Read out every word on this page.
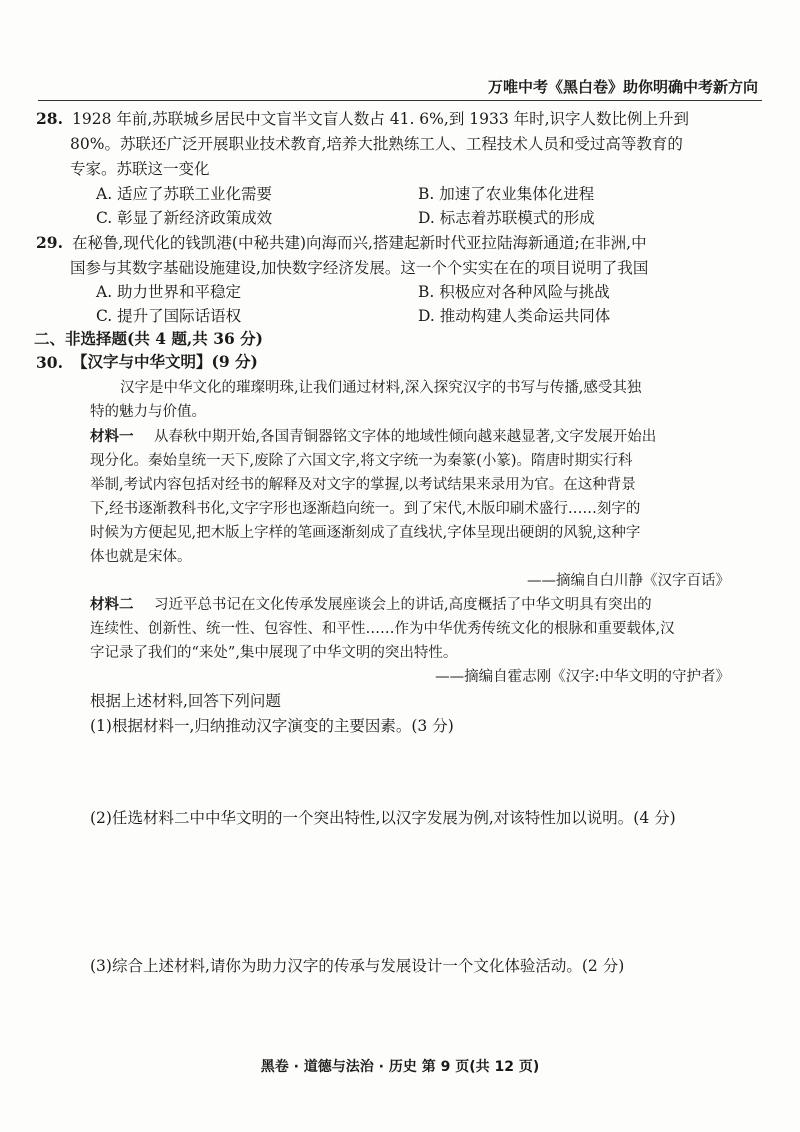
万唯中考《黑白卷》助你明确中考新方向
28. 1928 年前,苏联城乡居民中文盲半文盲人数占 41. 6%,到 1933 年时,识字人数比例上升到
80%。苏联还广泛开展职业技术教育,培养大批熟练工人、工程技术人员和受过高等教育的
专家。苏联这一变化
A. 适应了苏联工业化需要	B. 加速了农业集体化进程
C. 彰显了新经济政策成效	D. 标志着苏联模式的形成
29. 在秘鲁,现代化的钱凯港(中秘共建)向海而兴,搭建起新时代亚拉陆海新通道;在非洲,中
国参与其数字基础设施建设,加快数字经济发展。这一个个实实在在的项目说明了我国
A. 助力世界和平稳定	B. 积极应对各种风险与挑战
C. 提升了国际话语权	D. 推动构建人类命运共同体
二、非选择题(共 4 题,共 36 分)
30. 【汉字与中华文明】(9 分)
汉字是中华文化的璀璨明珠,让我们通过材料,深入探究汉字的书写与传播,感受其独
特的魅力与价值。
材料一 从春秋中期开始,各国青铜器铭文字体的地域性倾向越来越显著,文字发展开始出
现分化。秦始皇统一天下,废除了六国文字,将文字统一为秦篆(小篆)。隋唐时期实行科
举制,考试内容包括对经书的解释及对文字的掌握,以考试结果来录用为官。在这种背景
下,经书逐渐教科书化,文字字形也逐渐趋向统一。到了宋代,木版印刷术盛行……刻字的
时候为方便起见,把木版上字样的笔画逐渐刻成了直线状,字体呈现出硬朗的风貌,这种字
体也就是宋体。
——摘编自白川静《汉字百话》
材料二 习近平总书记在文化传承发展座谈会上的讲话,高度概括了中华文明具有突出的
连续性、创新性、统一性、包容性、和平性……作为中华优秀传统文化的根脉和重要载体,汉
字记录了我们的“来处”,集中展现了中华文明的突出特性。
——摘编自霍志刚《汉字:中华文明的守护者》
根据上述材料,回答下列问题
(1)根据材料一,归纳推动汉字演变的主要因素。(3 分)
(2)任选材料二中中华文明的一个突出特性,以汉字发展为例,对该特性加以说明。(4 分)
(3)综合上述材料,请你为助力汉字的传承与发展设计一个文化体验活动。(2 分)
黑卷 · 道德与法治 · 历史 第 9 页(共 12 页)
